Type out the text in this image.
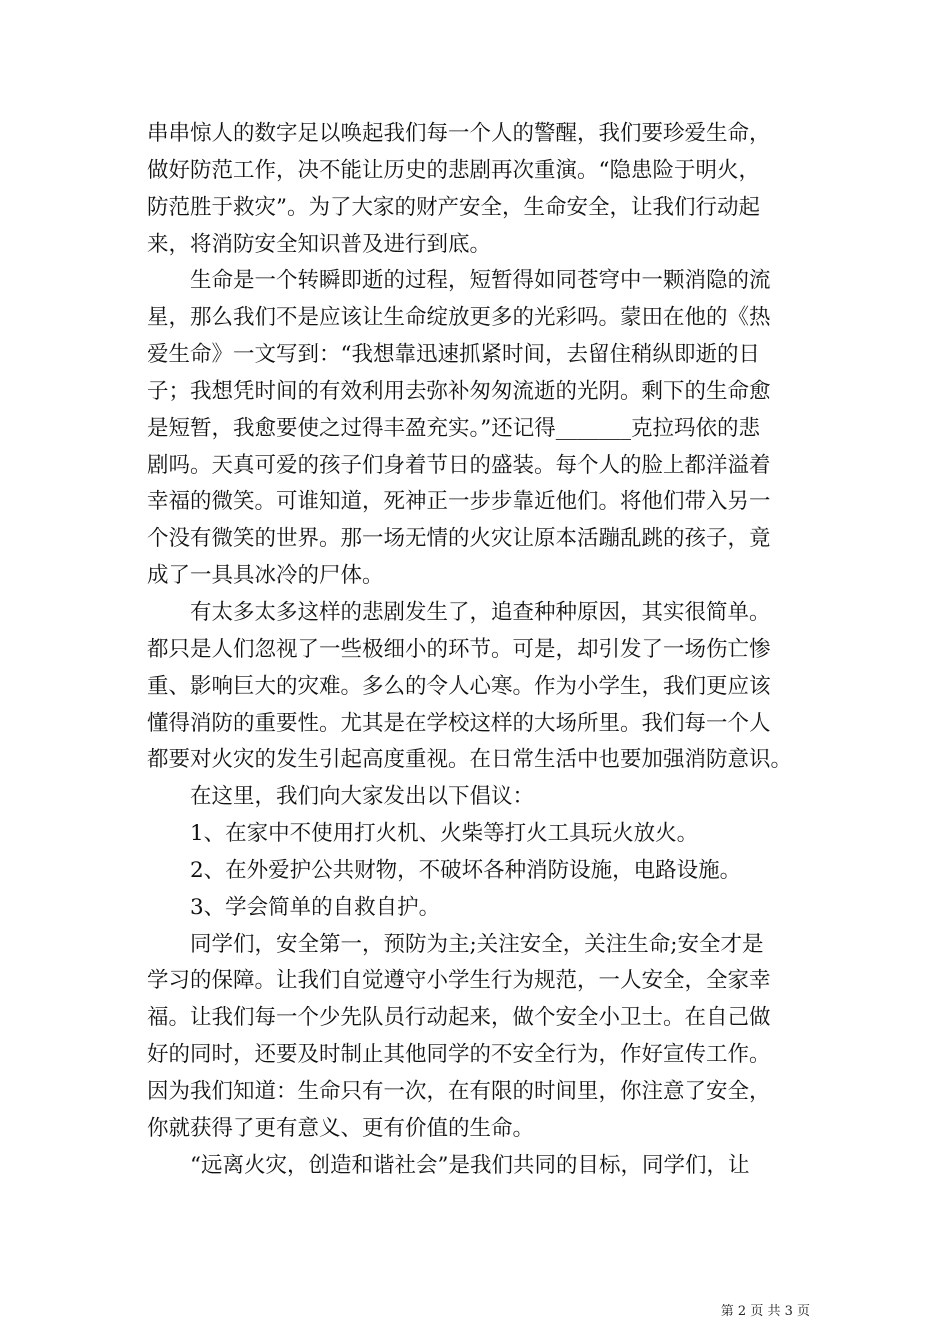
串串惊人的数字足以唤起我们每一个人的警醒，我们要珍爱生命，
做好防范工作，决不能让历史的悲剧再次重演。“隐患险于明火，
防范胜于救灾”。为了大家的财产安全，生命安全，让我们行动起
来，将消防安全知识普及进行到底。
生命是一个转瞬即逝的过程，短暂得如同苍穹中一颗消隐的流
星，那么我们不是应该让生命绽放更多的光彩吗。蒙田在他的《热
爱生命》一文写到：“我想靠迅速抓紧时间，去留住稍纵即逝的日
子；我想凭时间的有效利用去弥补匆匆流逝的光阴。剩下的生命愈
是短暂，我愈要使之过得丰盈充实。”还记得_______克拉玛依的悲
剧吗。天真可爱的孩子们身着节日的盛装。每个人的脸上都洋溢着
幸福的微笑。可谁知道，死神正一步步靠近他们。将他们带入另一
个没有微笑的世界。那一场无情的火灾让原本活蹦乱跳的孩子，竟
成了一具具冰冷的尸体。
有太多太多这样的悲剧发生了，追查种种原因，其实很简单。
都只是人们忽视了一些极细小的环节。可是，却引发了一场伤亡惨
重、影响巨大的灾难。多么的令人心寒。作为小学生，我们更应该
懂得消防的重要性。尤其是在学校这样的大场所里。我们每一个人
都要对火灾的发生引起高度重视。在日常生活中也要加强消防意识。
在这里，我们向大家发出以下倡议：
1、在家中不使用打火机、火柴等打火工具玩火放火。
2、在外爱护公共财物，不破坏各种消防设施，电路设施。
3、学会简单的自救自护。
同学们，安全第一，预防为主;关注安全，关注生命;安全才是
学习的保障。让我们自觉遵守小学生行为规范，一人安全，全家幸
福。让我们每一个少先队员行动起来，做个安全小卫士。在自己做
好的同时，还要及时制止其他同学的不安全行为，作好宣传工作。
因为我们知道：生命只有一次，在有限的时间里，你注意了安全，
你就获得了更有意义、更有价值的生命。
“远离火灾，创造和谐社会”是我们共同的目标，同学们，让
第 2 页 共 3 页
